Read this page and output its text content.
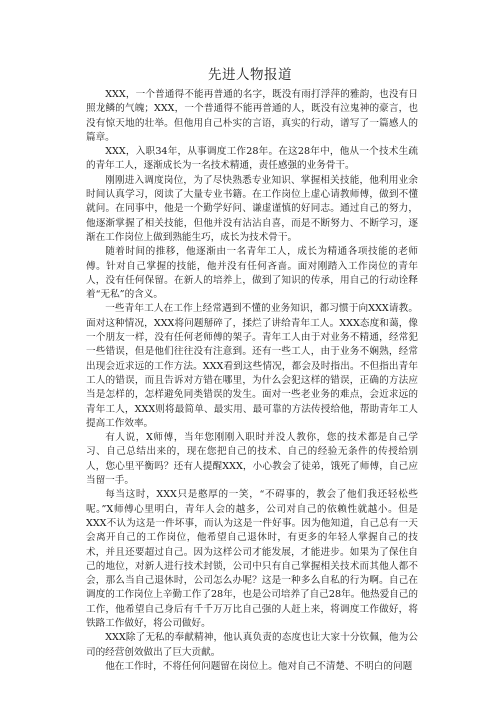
先进人物报道

XXX，一个普通得不能再普通的名字，既没有雨打浮萍的雅韵，也没有日照龙鳞的气魄；XXX，一个普通得不能再普通的人，既没有泣鬼神的豪言，也没有惊天地的壮举。但他用自己朴实的言语，真实的行动，谱写了一篇感人的篇章。

XXX，入职34年，从事调度工作28年。在这28年中，他从一个技术生疏的青年工人，逐渐成长为一名技术精通，责任感强的业务骨干。

刚刚进入调度岗位，为了尽快熟悉专业知识、掌握相关技能，他利用业余时间认真学习，阅读了大量专业书籍。在工作岗位上虚心请教师傅，做到不懂就问。在同事中，他是一个勤学好问、谦虚谨慎的好同志。通过自己的努力，他逐渐掌握了相关技能，但他并没有沾沾自喜，而是不断努力、不断学习，逐渐在工作岗位上做到熟能生巧，成长为技术骨干。

随着时间的推移，他逐渐由一名青年工人，成长为精通各项技能的老师傅。针对自己掌握的技能，他并没有任何吝啬。面对刚踏入工作岗位的青年人，没有任何保留。在新人的培养上，做到了知识的传承，用自己的行动诠释着“无私”的含义。

一些青年工人在工作上经常遇到不懂的业务知识，都习惯于向XXX请教。面对这种情况，XXX将问题掰碎了，揉烂了讲给青年工人。XXX态度和蔼，像一个朋友一样，没有任何老师傅的架子。青年工人由于对业务不精通，经常犯一些错误，但是他们往往没有注意到。还有一些工人，由于业务不娴熟，经常出现会近求远的工作方法。XXX看到这些情况，都会及时指出。不但指出青年工人的错误，而且告诉对方错在哪里，为什么会犯这样的错误，正确的方法应当是怎样的，怎样避免同类错误的发生。面对一些老业务的难点，会近求远的青年工人，XXX则将最简单、最实用、最可靠的方法传授给他，帮助青年工人提高工作效率。

有人说，X师傅，当年您刚刚入职时并没人教你，您的技术都是自己学习、自己总结出来的，现在您把自己的技术、自己的经验无条件的传授给别人，您心里平衡吗？还有人提醒XXX，小心教会了徒弟，饿死了师傅，自己应当留一手。

每当这时，XXX只是憨厚的一笑，“不碍事的，教会了他们我还轻松些呢。”X师傅心里明白，青年人会的越多，公司对自己的依赖性就越小。但是XXX不认为这是一件坏事，而认为这是一件好事。因为他知道，自己总有一天会离开自己的工作岗位，他希望自己退休时，有更多的年轻人掌握自己的技术，并且还要超过自己。因为这样公司才能发展，才能进步。如果为了保住自己的地位，对新人进行技术封锁，公司中只有自己掌握相关技术而其他人都不会，那么当自己退休时，公司怎么办呢？这是一种多么自私的行为啊。自己在调度的工作岗位上辛勤工作了28年，也是公司培养了自己28年。他热爱自己的工作，他希望自己身后有千千万万比自己强的人赶上来，将调度工作做好，将铁路工作做好，将公司做好。

XXX除了无私的奉献精神，他认真负责的态度也让大家十分钦佩，他为公司的经营创效做出了巨大贡献。

他在工作时，不将任何问题留在岗位上。他对自己不清楚、不明白的问题
